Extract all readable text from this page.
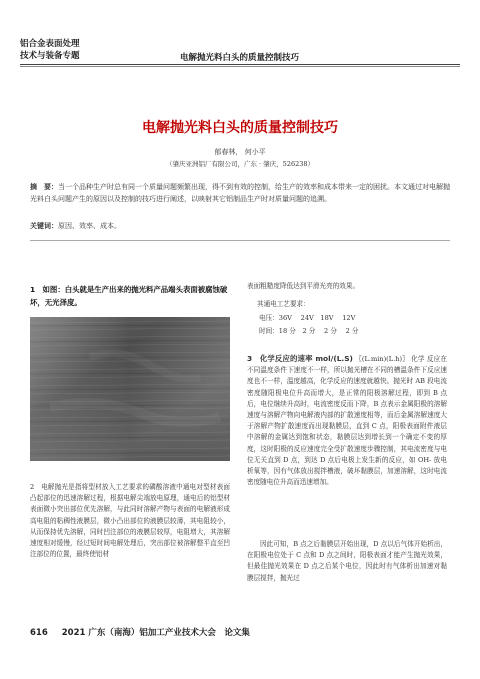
铝合金表面处理
技术与装备专题	电解抛光料白头的质量控制技巧
电解抛光料白头的质量控制技巧
郁春林， 何小平
（肇庆亚洲铝厂有限公司，广东 · 肇庆，526238）
摘　要：当一个品种生产时总有同一个质量问题频繁出现，得不到有效的控制，给生产的效率和成本带来一定的困扰。本文通过对电解抛光料白头问题产生的原因以及控制的技巧进行阐述，以映射其它铝制品生产时对质量问题的追溯。
关键词：原因、效率、成本。
1　如图：白头就是生产出来的抛光料产品端头表面被腐蚀破坏，无光泽度。
2　电解抛光是指将型材放入工艺要求的磷酸溶液中通电对型材表面凸起部位的迅速溶解过程，根据电解尖端放电原理，通电后的铝型材表面微小突出部位优先溶解，与此同时溶解产物与表面的电解液形成高电阻的粘稠性液膜层，微小凸出部位的液膜层较薄，其电阻较小，从而保持优先溶解，同时凹注部位的液膜层较厚，电阻增大，其溶解速度相对缓慢，经过短时间电解处理后，突出部位被溶解整平直至凹注部位的位置，最终使铝材
表面粗糙度降低达到平滑光亮的效果。
其通电工艺要求：
电压：36V　 24V　18V　 12V
时间：18 分　2 分　 2 分　 2 分
3　化学反应的速率 mol/(L.S) 〖(L.min)(L.h)〗 化学 反应在不同温度条件下速度不一样，所以抛光槽在不同的槽温条件下反应速度也不一样，温度越高，化学反应的速度就越快。抛光时 AB 段电流密度随阳极电位升高而增大，是正常的阳极溶解过程，即到 B 点后，电位继续升高时，电流密度反而下降，B 点表示金属阳极的溶解速度与溶解产物向电解液内部的扩散速度相等，而后金属溶解速度大于溶解产物扩散速度而出现黏膜层，直到 C 点，阳极表面附件液层中溶解的金属达到饱和状态，黏膜层达到增长到一个确定不变的厚度，这时阳极的反应速度完全受扩散速度步骤控制，其电流密度与电位无关直到 D 点，到达 D 点后电极上发生新的反应，如 OH- 放电析氧等，因有气体放出搅拌槽液，破坏黏膜层，加速溶解，这时电流密度随电位升高而迅速增加。
因此可知，B 点之后黏膜层开始出现，D 点以后气体开始析出，在阳极电位处于 C 点和 D 点之间时，阳极表面才能产生抛光效果，但最佳抛光效果在 D 点之后某个电位，因此时有气体析出加速对黏膜层搅拌，抛光过
616 2021 广东（南海）铝加工产业技术大会　论文集
